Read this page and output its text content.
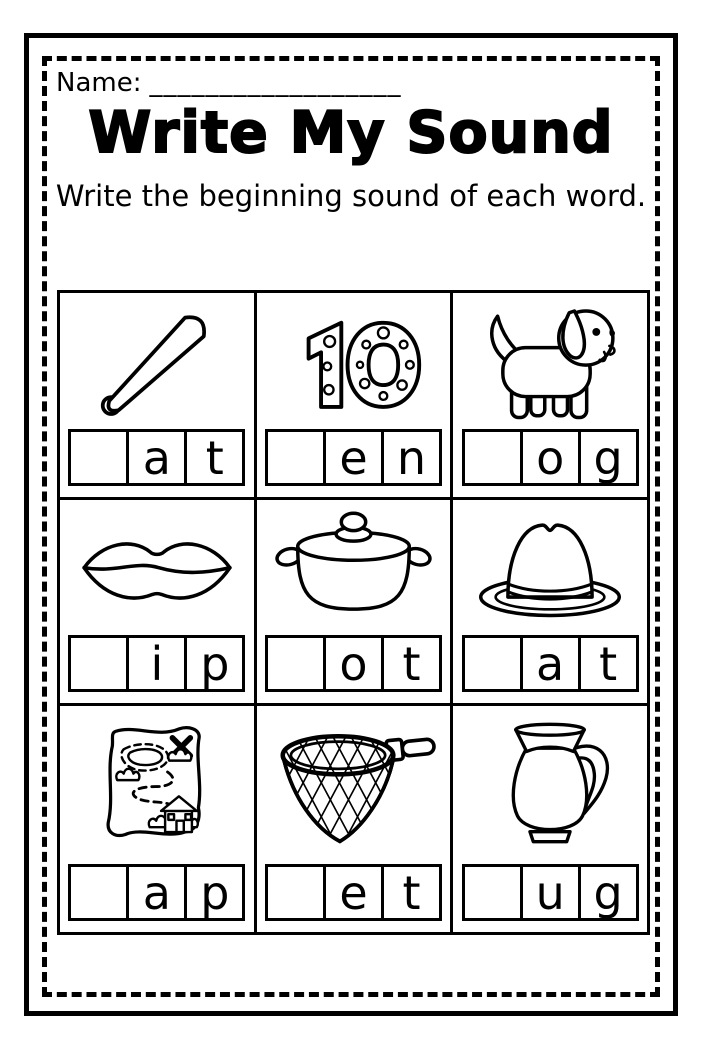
Name: __________________
Write My Sound
Write the beginning sound of each word.
a t	e n	o g
i p	o t	a t
a p	e t	u g
